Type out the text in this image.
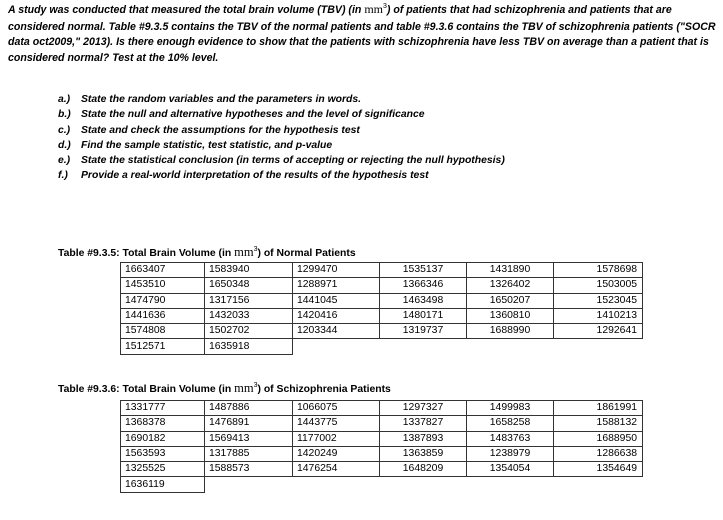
A study was conducted that measured the total brain volume (TBV) (in $mm^3$) of patients that had schizophrenia and patients that are considered normal. Table #9.3.5 contains the TBV of the normal patients and table #9.3.6 contains the TBV of schizophrenia patients ("SOCR data oct2009," 2013). Is there enough evidence to show that the patients with schizophrenia have less TBV on average than a patient that is considered normal? Test at the 10% level.
a.)	State the random variables and the parameters in words.
b.) State the null and alternative hypotheses and the level of significance
c.)	State and check the assumptions for the hypothesis test
d.) Find the sample statistic, test statistic, and p-value
e.)	State the statistical conclusion (in terms of accepting or rejecting the null hypothesis)
f.)	Provide a real-world interpretation of the results of the hypothesis test
Table #9.3.5: Total Brain Volume (in $mm^3$) of Normal Patients
1663407	1583940	1299470	1535137	1431890	1578698
1453510	1650348	1288971	1366346	1326402	1503005
1474790	1317156	1441045	1463498	1650207	1523045
1441636	1432033	1420416	1480171	1360810	1410213
1574808	1502702	1203344	1319737	1688990	1292641
1512571	1635918				
Table #9.3.6: Total Brain Volume (in $mm^3$) of Schizophrenia Patients
1331777	1487886	1066075	1297327	1499983	1861991
1368378	1476891	1443775	1337827	1658258	1588132
1690182	1569413	1177002	1387893	1483763	1688950
1563593	1317885	1420249	1363859	1238979	1286638
1325525	1588573	1476254	1648209	1354054	1354649
1636119					
